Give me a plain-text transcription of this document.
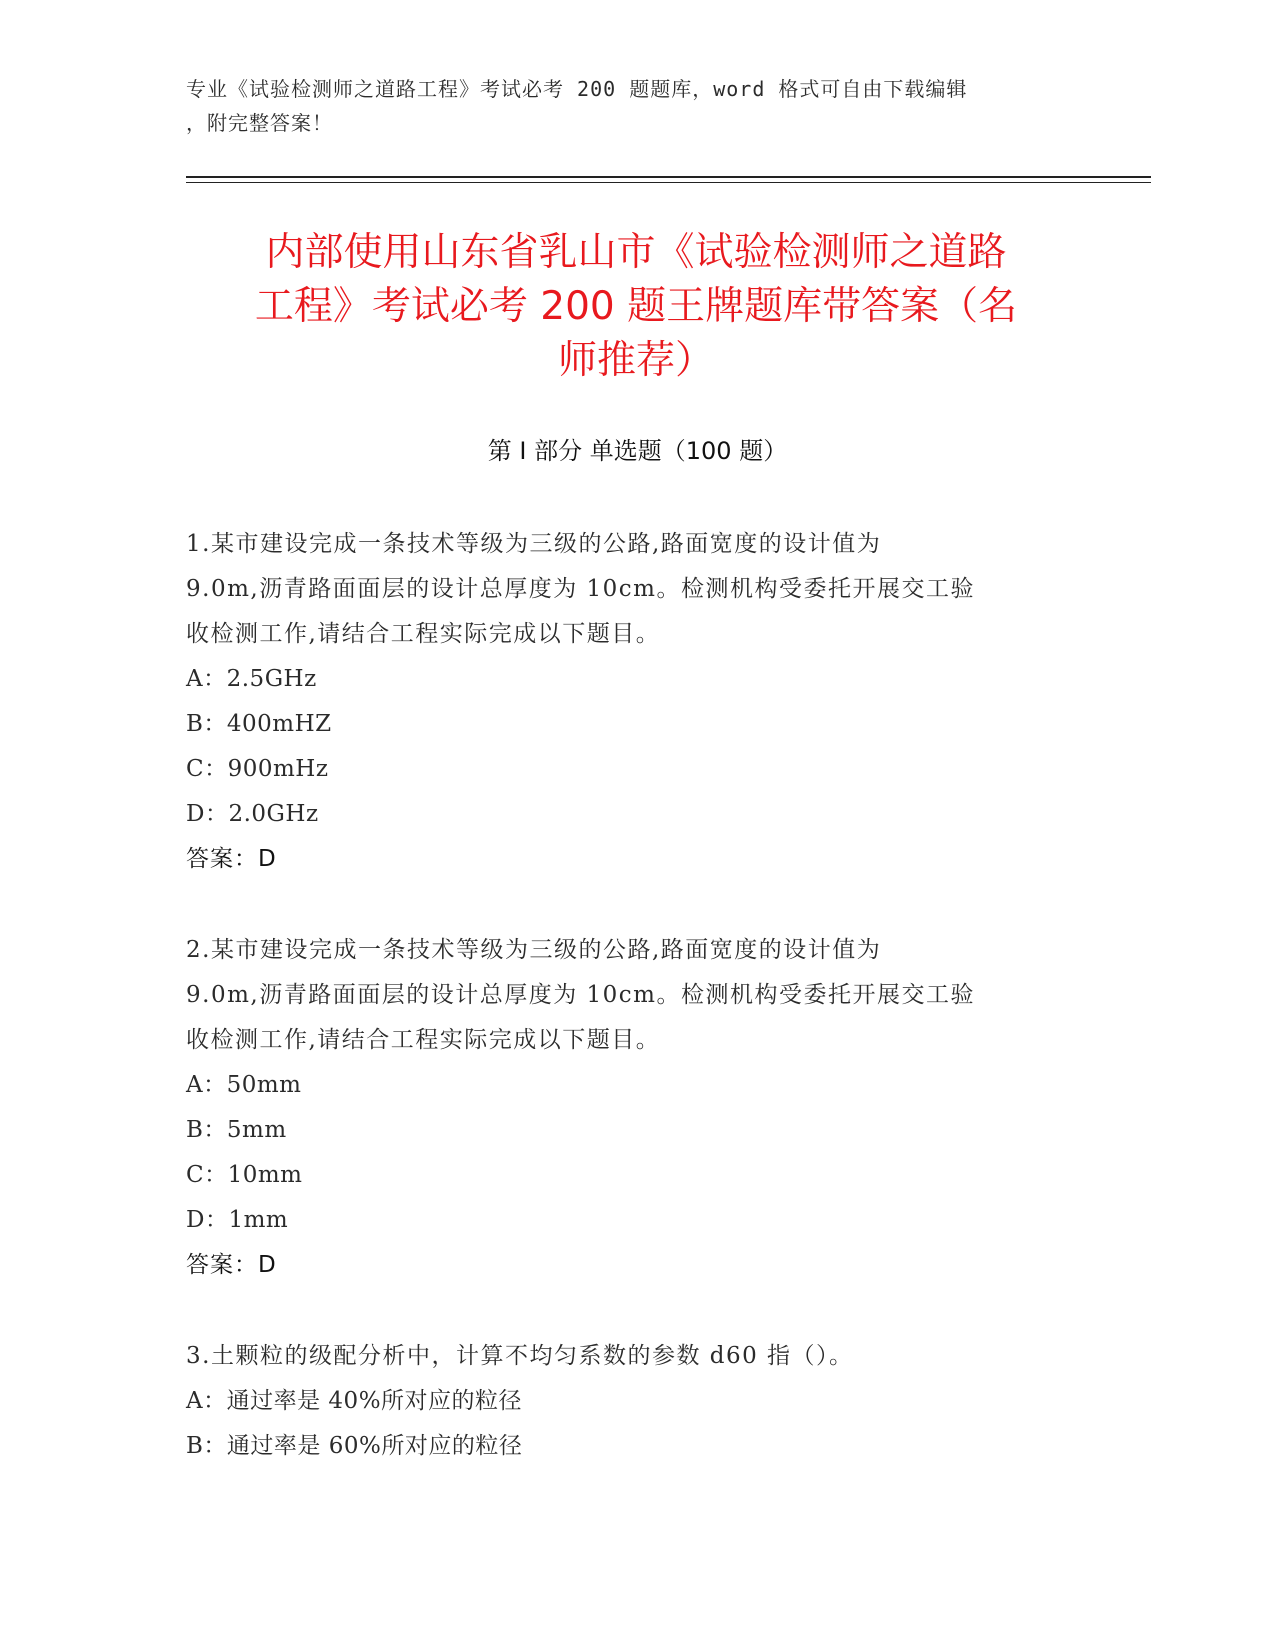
专业《试验检测师之道路工程》考试必考 200 题题库，word 格式可自由下载编辑
，附完整答案！
内部使用山东省乳山市《试验检测师之道路
工程》考试必考 200 题王牌题库带答案（名
师推荐）
第 I 部分 单选题（100 题）
1.某市建设完成一条技术等级为三级的公路,路面宽度的设计值为
9.0m,沥青路面面层的设计总厚度为 10cm。检测机构受委托开展交工验
收检测工作,请结合工程实际完成以下题目。
A：2.5GHz
B：400mHZ
C：900mHz
D：2.0GHz
答案：D
2.某市建设完成一条技术等级为三级的公路,路面宽度的设计值为
9.0m,沥青路面面层的设计总厚度为 10cm。检测机构受委托开展交工验
收检测工作,请结合工程实际完成以下题目。
A：50mm
B：5mm
C：10mm
D：1mm
答案：D
3.土颗粒的级配分析中，计算不均匀系数的参数 d60 指（）。
A：通过率是 40%所对应的粒径
B：通过率是 60%所对应的粒径
